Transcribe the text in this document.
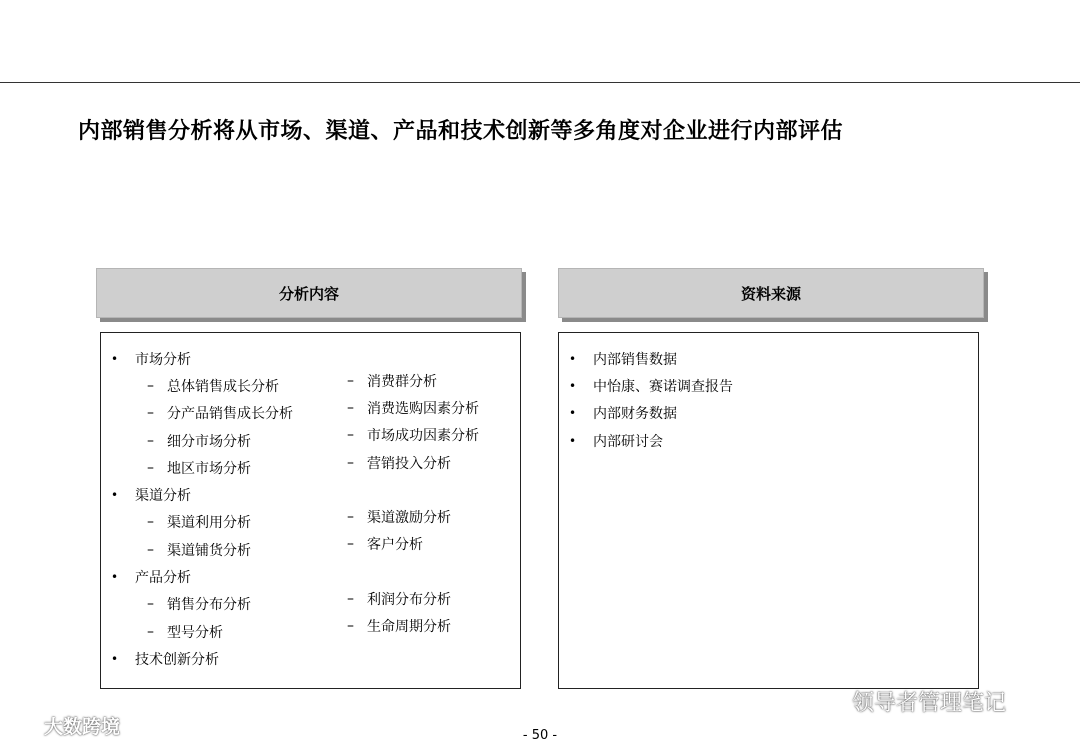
内部销售分析将从市场、渠道、产品和技术创新等多角度对企业进行内部评估
分析内容
•	市场分析
– 总体销售成长分析
– 分产品销售成长分析
– 细分市场分析
– 地区市场分析
•	渠道分析
– 渠道利用分析
– 渠道铺货分析
•	产品分析
– 销售分布分析
– 型号分析
•	技术创新分析
– 消费群分析
– 消费选购因素分析
– 市场成功因素分析
– 营销投入分析
– 渠道激励分析
– 客户分析
– 利润分布分析
– 生命周期分析
资料来源
•	内部销售数据
•	中怡康、赛诺调查报告
•	内部财务数据
•	内部研讨会
- 50 -
大数跨境
领导者管理笔记
